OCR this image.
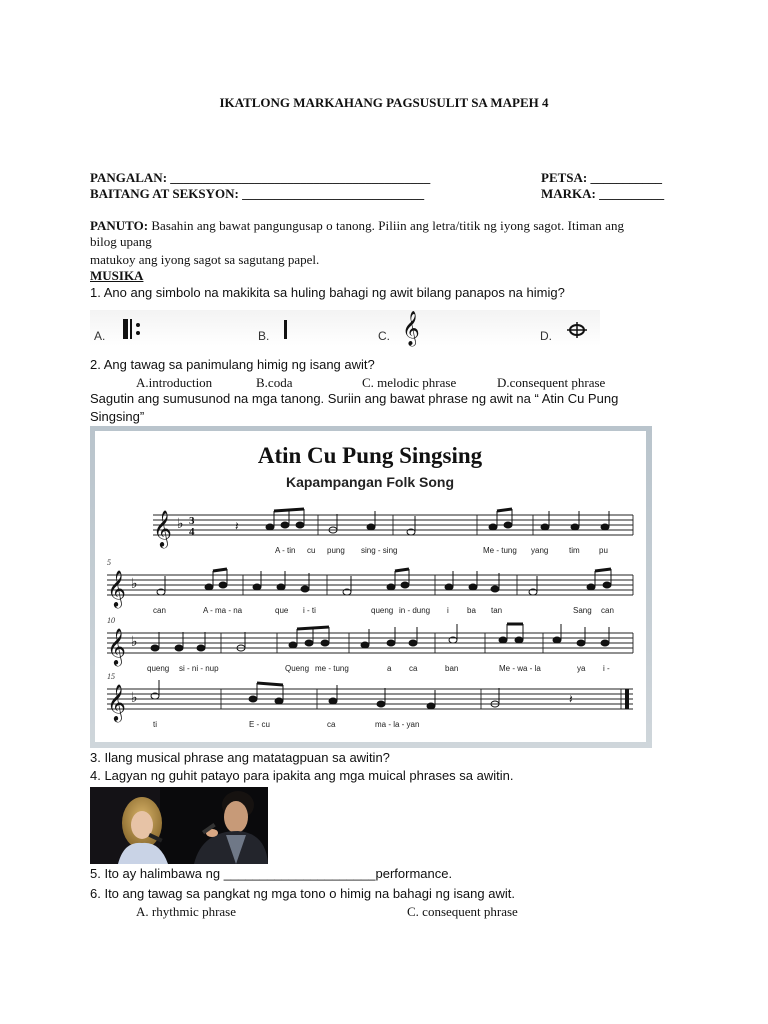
IKATLONG MARKAHANG PAGSUSULIT SA MAPEH 4
PANGALAN: ________________________________________	PETSA: ___________
BAITANG AT SEKSYON: ____________________________	MARKA: __________
PANUTO: Basahin ang bawat pangungusap o tanong. Piliin ang letra/titik ng iyong sagot. Itiman ang
bilog upang
matukoy ang iyong sagot sa sagutang papel.
MUSIKA
1. Ano ang simbolo na makikita sa huling bahagi ng awit bilang panapos na himig?
A.	B.	C. 𝄞	D.
2. Ang tawag sa panimulang himig ng isang awit?
A.introduction	B.coda	C. melodic phrase	D.consequent phrase
Sagutin ang sumusunod na mga tanong. Suriin ang bawat phrase ng awit na “ Atin Cu Pung
Singsing”
Atin Cu Pung Singsing
Kapampangan Folk Song
𝄞 ♭ 3
4	𝄽
A - tin cu pung sing - sing	Me - tung yang	tim pu
5
𝄞 ♭
can	A - ma - na	que i - ti	queng in - dung i ba tan	Sang can
10
𝄞 ♭
queng si - ni - nup	Queng me - tung	a ca	ban	Me - wa - la	ya i -
15
𝄞 ♭	𝄽
ti	E - cu	ca	ma - la - yan
3. Ilang musical phrase ang matatagpuan sa awitin?
4. Lagyan ng guhit patayo para ipakita ang mga muical phrases sa awitin.
5. Ito ay halimbawa ng _____________________performance.
6. Ito ang tawag sa pangkat ng mga tono o himig na bahagi ng isang awit.
A. rhythmic phrase	C. consequent phrase
